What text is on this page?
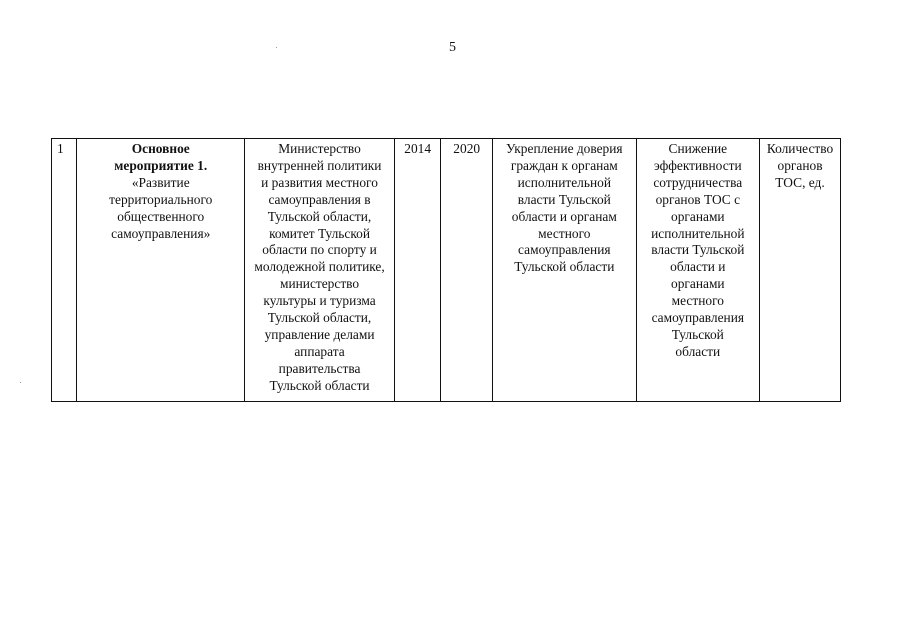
5
1	Основное
мероприятие 1.
«Развитие
территориального
общественного
самоуправления»
	Министерство
внутренней политики
и развития местного
самоуправления в
Тульской области,
комитет Тульской
области по спорту и
молодежной политике,
министерство
культуры и туризма
Тульской области,
управление делами
аппарата
правительства
Тульской области	2014	2020	Укрепление доверия
граждан к органам
исполнительной
власти Тульской
области и органам
местного
самоуправления
Тульской области	Снижение
эффективности
сотрудничества
органов ТОС с
органами
исполнительной
власти Тульской
области и
органами
местного
самоуправления
Тульской
области	Количество
органов
ТОС, ед.
